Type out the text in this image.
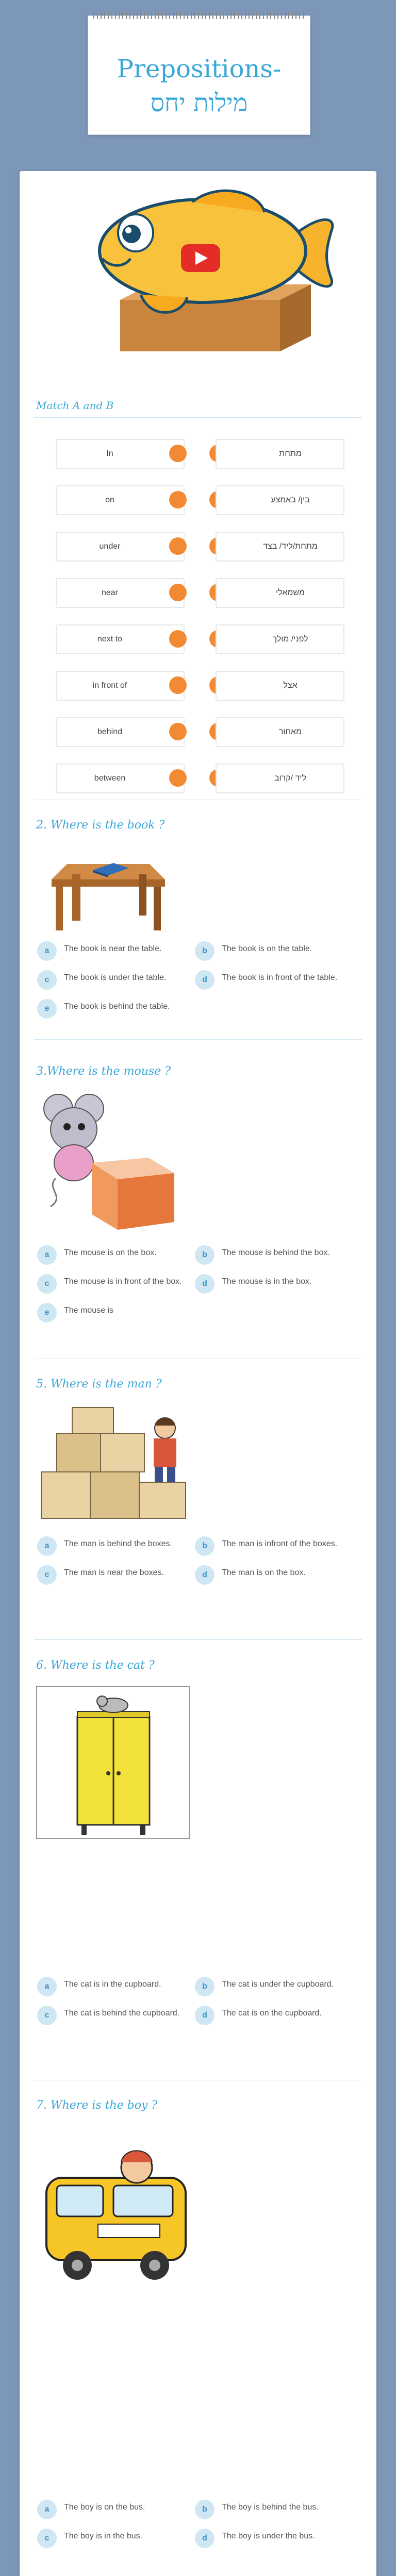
Prepositions- מילות יחס
Match A and B
In	מתחת
on	בין/ באמצע
under	מתחת/ליד/ בצד
near	משמאלי
next to	לפני/ מולך
in front of	אצל
behind	מאחור
between	ליד /קרוב
2. Where is the book ?
3.Where is the mouse ?
5. Where is the man ?
6. Where is the cat ?
7. Where is the boy ?
a	The book is near the table.	b	The book is on the table.
c	The book is under the table.	d	The book is in front of the table.
e	The book is behind the table.
a	The mouse is on the box.	b	The mouse is behind the box.
c	The mouse is in front of the box.	d	The mouse is in the box.
e	The mouse is
a	The man is behind the boxes.	b	The man is infront of the boxes.
c	The man is near the boxes.	d	The man is on the box.
a	The cat is in the cupboard.	b	The cat is under the cupboard.
c	The cat is behind the cupboard.	d	The cat is on the cupboard.
a	The boy is on the bus.	b	The boy is behind the bus.
c	The boy is in the bus.	d	The boy is under the bus.
